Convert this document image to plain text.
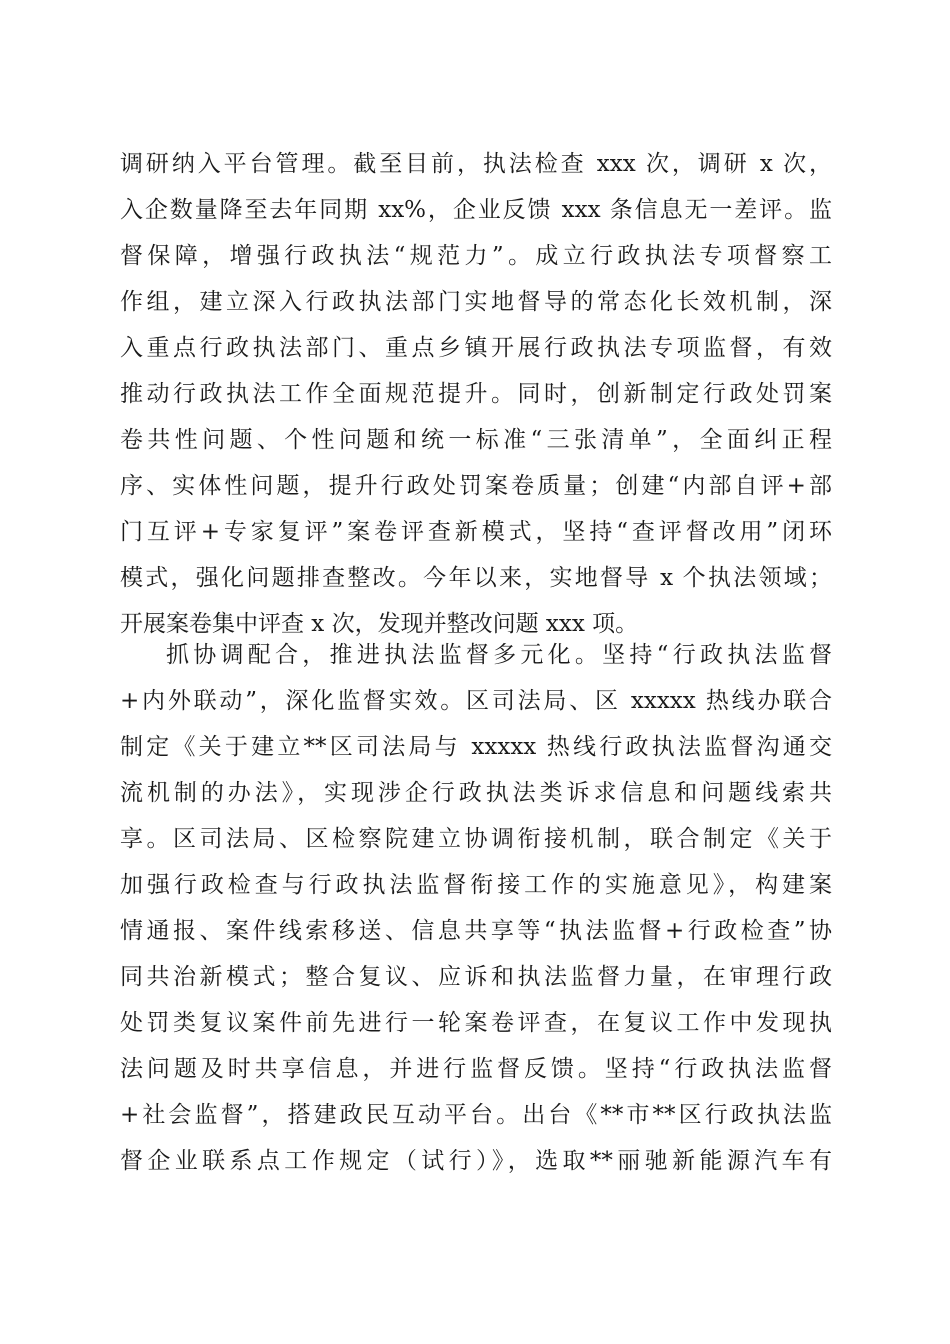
调研纳入平台管理。截至目前，执法检查 xxx 次，调研 x 次，
入企数量降至去年同期 xx%，企业反馈 xxx 条信息无一差评。监
督保障，增强行政执法“规范力”。成立行政执法专项督察工
作组，建立深入行政执法部门实地督导的常态化长效机制，深
入重点行政执法部门、重点乡镇开展行政执法专项监督，有效
推动行政执法工作全面规范提升。同时，创新制定行政处罚案
卷共性问题、个性问题和统一标准“三张清单”，全面纠正程
序、实体性问题，提升行政处罚案卷质量；创建“内部自评+部
门互评+专家复评”案卷评查新模式，坚持“查评督改用”闭环
模式，强化问题排查整改。今年以来，实地督导 x 个执法领域；
开展案卷集中评查 x 次，发现并整改问题 xxx 项。
抓协调配合，推进执法监督多元化。坚持“行政执法监督
+内外联动”，深化监督实效。区司法局、区 xxxxx 热线办联合
制定《关于建立**区司法局与 xxxxx 热线行政执法监督沟通交
流机制的办法》，实现涉企行政执法类诉求信息和问题线索共
享。区司法局、区检察院建立协调衔接机制，联合制定《关于
加强行政检查与行政执法监督衔接工作的实施意见》，构建案
情通报、案件线索移送、信息共享等“执法监督+行政检查”协
同共治新模式；整合复议、应诉和执法监督力量，在审理行政
处罚类复议案件前先进行一轮案卷评查，在复议工作中发现执
法问题及时共享信息，并进行监督反馈。坚持“行政执法监督
+社会监督”，搭建政民互动平台。出台《**市**区行政执法监
督企业联系点工作规定（试行）》，选取**丽驰新能源汽车有
